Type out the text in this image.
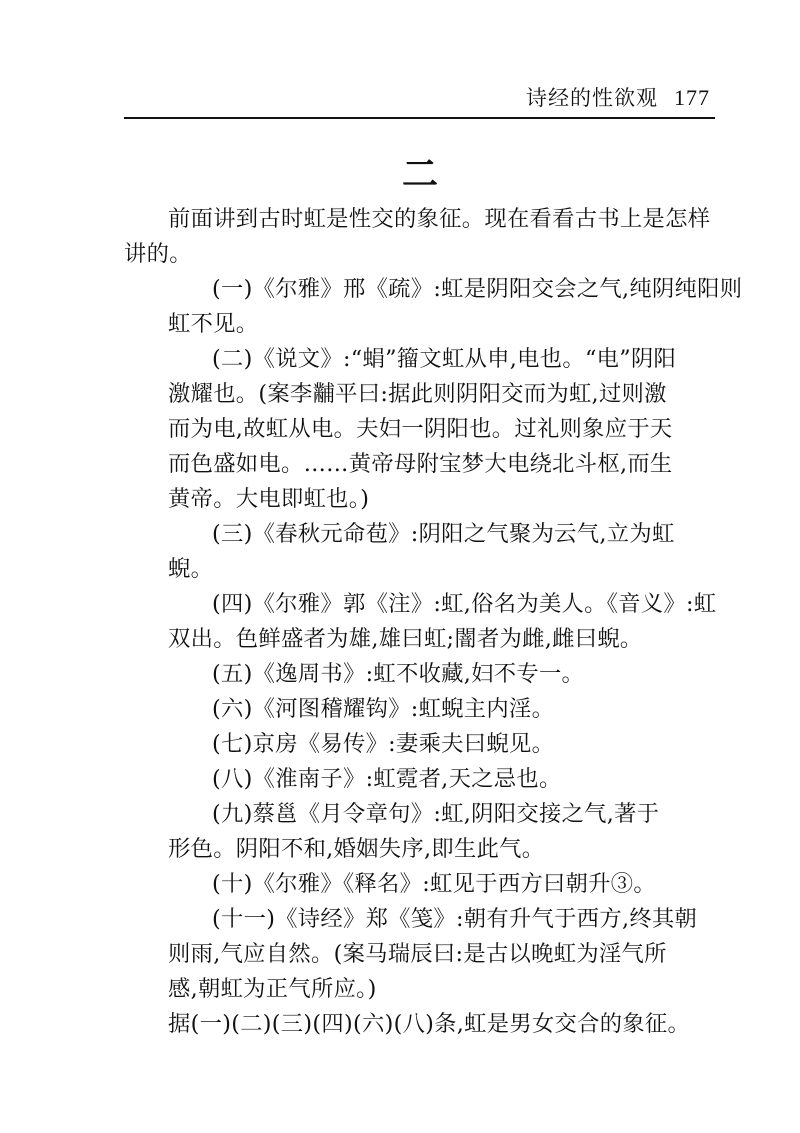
诗经的性欲观 177
二
前面讲到古时虹是性交的象征。现在看看古书上是怎样
讲的。
(一)《尔雅》邢《疏》:虹是阴阳交会之气,纯阴纯阳则
虹不见。
(二)《说文》:“蜎”籀文虹从申,电也。“电”阴阳
激耀也。(案李黼平曰:据此则阴阳交而为虹,过则激
而为电,故虹从电。夫妇一阴阳也。过礼则象应于天
而色盛如电。……黄帝母附宝梦大电绕北斗枢,而生
黄帝。大电即虹也。)
(三)《春秋元命苞》:阴阳之气聚为云气,立为虹
蜺。
(四)《尔雅》郭《注》:虹,俗名为美人。《音义》:虹
双出。色鲜盛者为雄,雄曰虹;闇者为雌,雌曰蜺。
(五)《逸周书》:虹不收藏,妇不专一。
(六)《河图稽耀钩》:虹蜺主内淫。
(七)京房《易传》:妻乘夫曰蜺见。
(八)《淮南子》:虹霓者,天之忌也。
(九)蔡邕《月令章句》:虹,阴阳交接之气,著于
形色。阴阳不和,婚姻失序,即生此气。
(十)《尔雅》《释名》:虹见于西方曰朝升③。
(十一)《诗经》郑《笺》:朝有升气于西方,终其朝
则雨,气应自然。(案马瑞辰曰:是古以晚虹为淫气所
感,朝虹为正气所应。)
据(一)(二)(三)(四)(六)(八)条,虹是男女交合的象征。
